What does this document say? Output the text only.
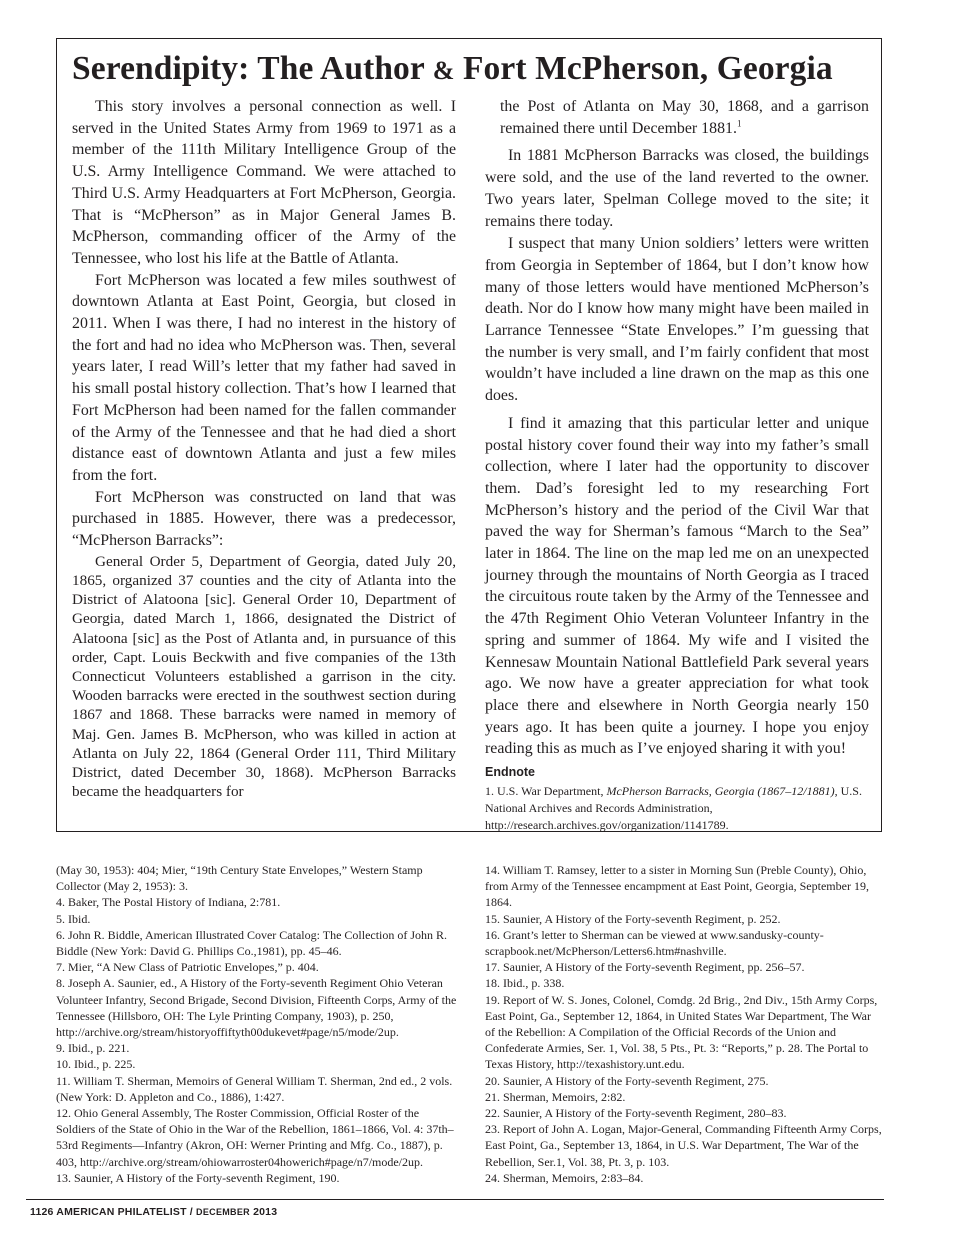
Serendipity: The Author & Fort McPherson, Georgia

This story involves a personal connection as well. I served in the United States Army from 1969 to 1971 as a member of the 111th Military Intelligence Group of the U.S. Army Intelligence Command. We were attached to Third U.S. Army Headquarters at Fort McPherson, Georgia. That is “McPherson” as in Major General James B. McPherson, commanding officer of the Army of the Tennessee, who lost his life at the Battle of Atlanta.

Fort McPherson was located a few miles southwest of downtown Atlanta at East Point, Georgia, but closed in 2011. When I was there, I had no interest in the history of the fort and had no idea who McPherson was. Then, several years later, I read Will’s letter that my father had saved in his small postal history collection. That’s how I learned that Fort McPherson had been named for the fallen commander of the Army of the Tennessee and that he had died a short distance east of downtown Atlanta and just a few miles from the fort.

Fort McPherson was constructed on land that was purchased in 1885. However, there was a predecessor, “McPherson Barracks”:

General Order 5, Department of Georgia, dated July 20, 1865, organized 37 counties and the city of Atlanta into the District of Alatoona [sic]. General Order 10, Department of Georgia, dated March 1, 1866, designated the District of Alatoona [sic] as the Post of Atlanta and, in pursuance of this order, Capt. Louis Beckwith and five companies of the 13th Connecticut Volunteers established a garrison in the city. Wooden barracks were erected in the southwest section during 1867 and 1868. These barracks were named in memory of Maj. Gen. James B. McPherson, who was killed in action at Atlanta on July 22, 1864 (General Order 111, Third Military District, dated December 30, 1868). McPherson Barracks became the headquarters for

the Post of Atlanta on May 30, 1868, and a garrison remained there until December 1881.$^1$

In 1881 McPherson Barracks was closed, the buildings were sold, and the use of the land reverted to the owner. Two years later, Spelman College moved to the site; it remains there today.

I suspect that many Union soldiers’ letters were written from Georgia in September of 1864, but I don’t know how many of those letters would have mentioned McPherson’s death. Nor do I know how many might have been mailed in Larrance Tennessee “State Envelopes.” I’m guessing that the number is very small, and I’m fairly confident that most wouldn’t have included a line drawn on the map as this one does.

I find it amazing that this particular letter and unique postal history cover found their way into my father’s small collection, where I later had the opportunity to discover them. Dad’s foresight led to my researching Fort McPherson’s history and the period of the Civil War that paved the way for Sherman’s famous “March to the Sea” later in 1864. The line on the map led me on an unexpected journey through the mountains of North Georgia as I traced the circuitous route taken by the Army of the Tennessee and the 47th Regiment Ohio Veteran Volunteer Infantry in the spring and summer of 1864. My wife and I visited the Kennesaw Mountain National Battlefield Park several years ago. We now have a greater appreciation for what took place there and elsewhere in North Georgia nearly 150 years ago. It has been quite a journey. I hope you enjoy reading this as much as I’ve enjoyed sharing it with you!

Endnote
1. U.S. War Department, McPherson Barracks, Georgia (1867–12/1881), U.S. National Archives and Records Administration, http://research.archives.gov/organization/1141789.
(May 30, 1953): 404; Mier, “19th Century State Envelopes,” Western Stamp Collector (May 2, 1953): 3.
4. Baker, The Postal History of Indiana, 2:781.
5. Ibid.
6. John R. Biddle, American Illustrated Cover Catalog: The Collection of John R. Biddle (New York: David G. Phillips Co.,1981), pp. 45–46.
7. Mier, “A New Class of Patriotic Envelopes,” p. 404.
8. Joseph A. Saunier, ed., A History of the Forty-seventh Regiment Ohio Veteran Volunteer Infantry, Second Brigade, Second Division, Fifteenth Corps, Army of the Tennessee (Hillsboro, OH: The Lyle Printing Company, 1903), p. 250, http://archive.org/stream/historyoffiftyth00dukevet#page/n5/mode/2up.
9. Ibid., p. 221.
10. Ibid., p. 225.
11. William T. Sherman, Memoirs of General William T. Sherman, 2nd ed., 2 vols. (New York: D. Appleton and Co., 1886), 1:427.
12. Ohio General Assembly, The Roster Commission, Official Roster of the Soldiers of the State of Ohio in the War of the Rebellion, 1861–1866, Vol. 4: 37th–53rd Regiments—Infantry (Akron, OH: Werner Printing and Mfg. Co., 1887), p. 403, http://archive.org/stream/ohiowarroster04howerich#page/n7/mode/2up.
13. Saunier, A History of the Forty-seventh Regiment, 190.
14. William T. Ramsey, letter to a sister in Morning Sun (Preble County), Ohio, from Army of the Tennessee encampment at East Point, Georgia, September 19, 1864.
15. Saunier, A History of the Forty-seventh Regiment, p. 252.
16. Grant’s letter to Sherman can be viewed at www.sandusky-county-scrapbook.net/McPherson/Letters6.htm#nashville.
17. Saunier, A History of the Forty-seventh Regiment, pp. 256–57.
18. Ibid., p. 338.
19. Report of W. S. Jones, Colonel, Comdg. 2d Brig., 2nd Div., 15th Army Corps, East Point, Ga., September 12, 1864, in United States War Department, The War of the Rebellion: A Compilation of the Official Records of the Union and Confederate Armies, Ser. 1, Vol. 38, 5 Pts., Pt. 3: “Reports,” p. 28. The Portal to Texas History, http://texashistory.unt.edu.
20. Saunier, A History of the Forty-seventh Regiment, 275.
21. Sherman, Memoirs, 2:82.
22. Saunier, A History of the Forty-seventh Regiment, 280–83.
23. Report of John A. Logan, Major-General, Commanding Fifteenth Army Corps, East Point, Ga., September 13, 1864, in U.S. War Department, The War of the Rebellion, Ser.1, Vol. 38, Pt. 3, p. 103.
24. Sherman, Memoirs, 2:83–84.
1126 AMERICAN PHILATELIST / DECEMBER 2013
